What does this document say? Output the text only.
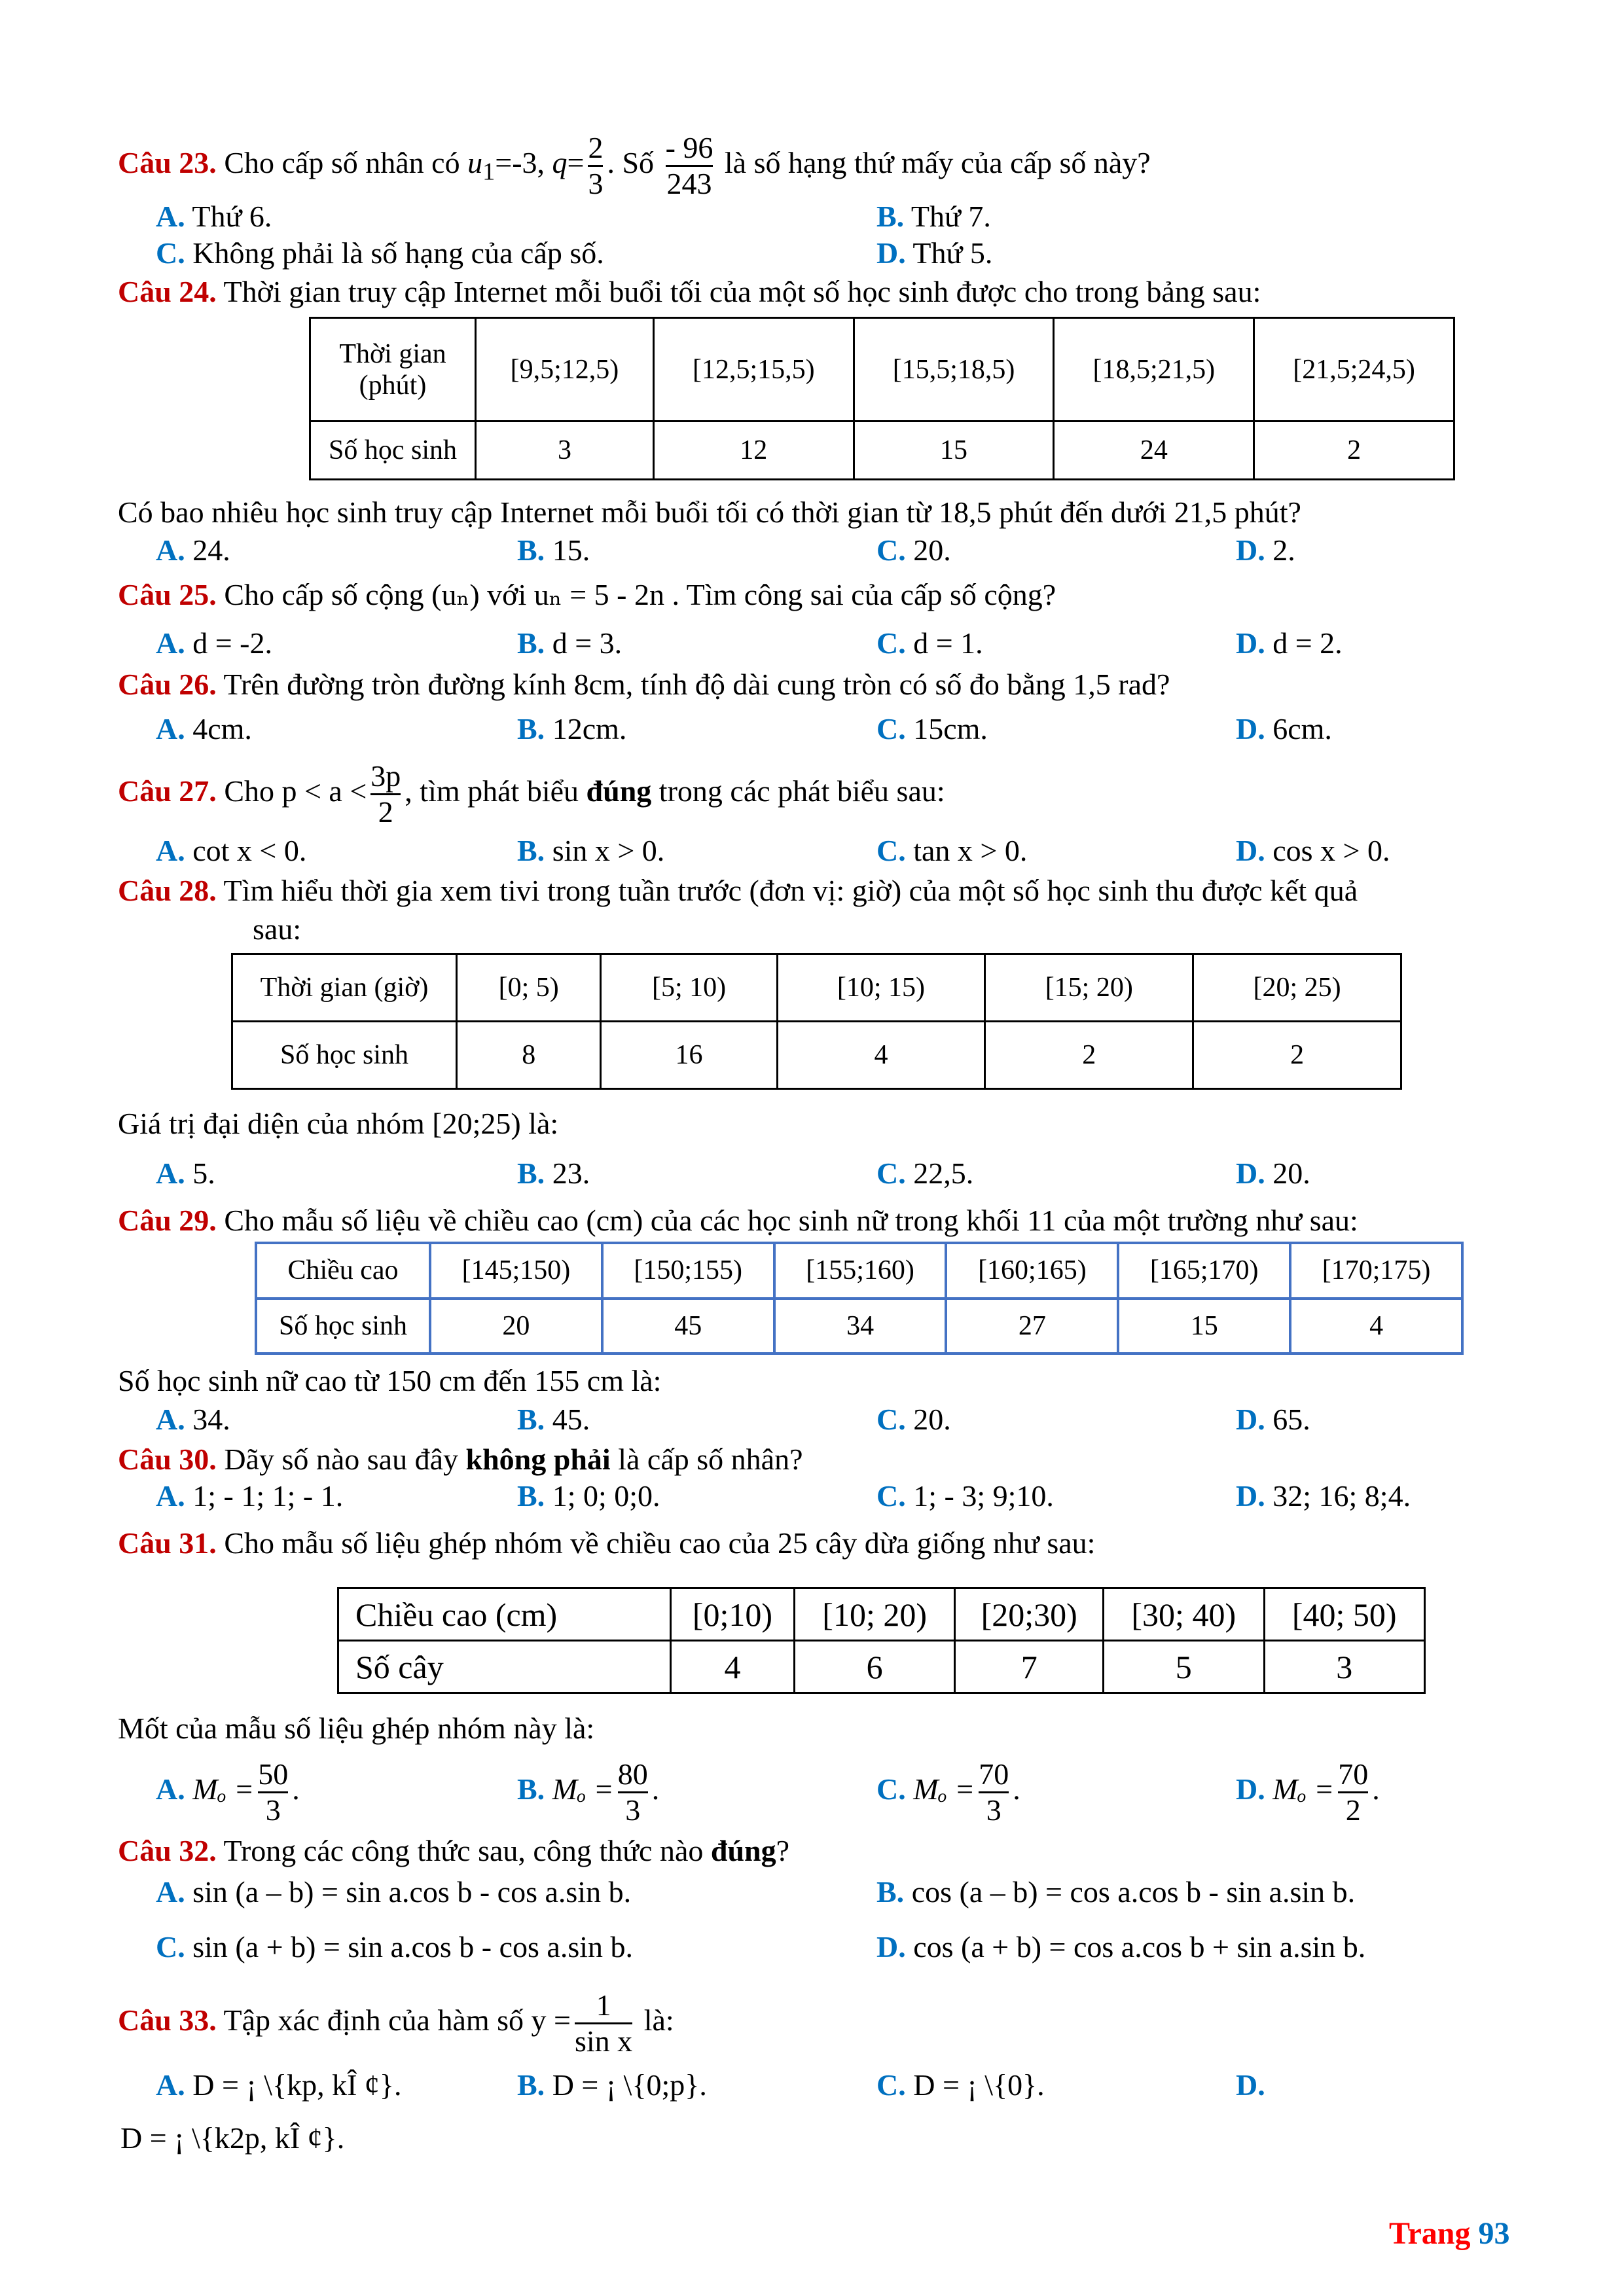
Câu 23. Cho cấp số nhân có $u_1=-3$, $q= \frac{2}{3}$ . Số $\frac{- 96}{243}$ là số hạng thứ mấy của cấp số này?
A. Thứ 6.	B. Thứ 7.
C. Không phải là số hạng của cấp số.	D. Thứ 5.
Câu 24. Thời gian truy cập Internet mỗi buổi tối của một số học sinh được cho trong bảng sau:
Thời gian
(phút)	[9,5;12,5)	[12,5;15,5)	[15,5;18,5)	[18,5;21,5)	[21,5;24,5)
Số học sinh	3	12	15	24	2
Có bao nhiêu học sinh truy cập Internet mỗi buổi tối có thời gian từ 18,5 phút đến dưới 21,5 phút?
A. 24.	B. 15.	C. 20.	D. 2.
Câu 25. Cho cấp số cộng (uₙ) với uₙ = 5 - 2n . Tìm công sai của cấp số cộng?
A. d = -2.	B. d = 3.	C. d = 1.	D. d = 2.
Câu 26. Trên đường tròn đường kính 8cm, tính độ dài cung tròn có số đo bằng 1,5 rad?
A. 4cm.	B. 12cm.	C. 15cm.	D. 6cm.
Câu 27. Cho $p < a < \frac{3p}{2}$ , tìm phát biểu đúng trong các phát biểu sau:
A. cot x < 0.	B. sin x > 0.	C. tan x > 0.	D. cos x > 0.
Câu 28. Tìm hiểu thời gia xem tivi trong tuần trước (đơn vị: giờ) của một số học sinh thu được kết quả
sau:
Thời gian (giờ)	[0; 5)	[5; 10)	[10; 15)	[15; 20)	[20; 25)
Số học sinh	8	16	4	2	2
Giá trị đại diện của nhóm [20;25) là:
A. 5.	B. 23.	C. 22,5.	D. 20.
Câu 29. Cho mẫu số liệu về chiều cao (cm) của các học sinh nữ trong khối 11 của một trường như sau:
Chiều cao	[145;150)	[150;155)	[155;160)	[160;165)	[165;170)	[170;175)
Số học sinh	20	45	34	27	15	4
Số học sinh nữ cao từ 150 cm đến 155 cm là:
A. 34.	B. 45.	C. 20.	D. 65.
Câu 30. Dãy số nào sau đây không phải là cấp số nhân?
A. 1; - 1; 1; - 1.	B. 1; 0; 0;0.	C. 1; - 3; 9;10.	D. 32; 16; 8;4.
Câu 31. Cho mẫu số liệu ghép nhóm về chiều cao của 25 cây dừa giống như sau:
Chiều cao (cm)	[0;10)	[10; 20)	[20;30)	[30; 40)	[40; 50)
Số cây	4	6	7	5	3
Mốt của mẫu số liệu ghép nhóm này là:
A. $M_o = \frac{50}{3}$ .	B. $M_o = \frac{80}{3}$ .	C. $M_o = \frac{70}{3}$ .	D. $M_o = \frac{70}{2}$ .
Câu 32. Trong các công thức sau, công thức nào đúng?
A. sin (a – b) = sin a.cos b - cos a.sin b.	B. cos (a – b) = cos a.cos b - sin a.sin b.
C. sin (a + b) = sin a.cos b - cos a.sin b.	D. cos (a + b) = cos a.cos b + sin a.sin b.
Câu 33. Tập xác định của hàm số $y = \frac{1}{\text{sin x}}$ là:
A. D = ¡ \{kp, kÎ ¢}.	B. D = ¡ \{0;p}.	C. D = ¡ \{0}.	D.
D = ¡ \{k2p, kÎ ¢}.
Trang 93
